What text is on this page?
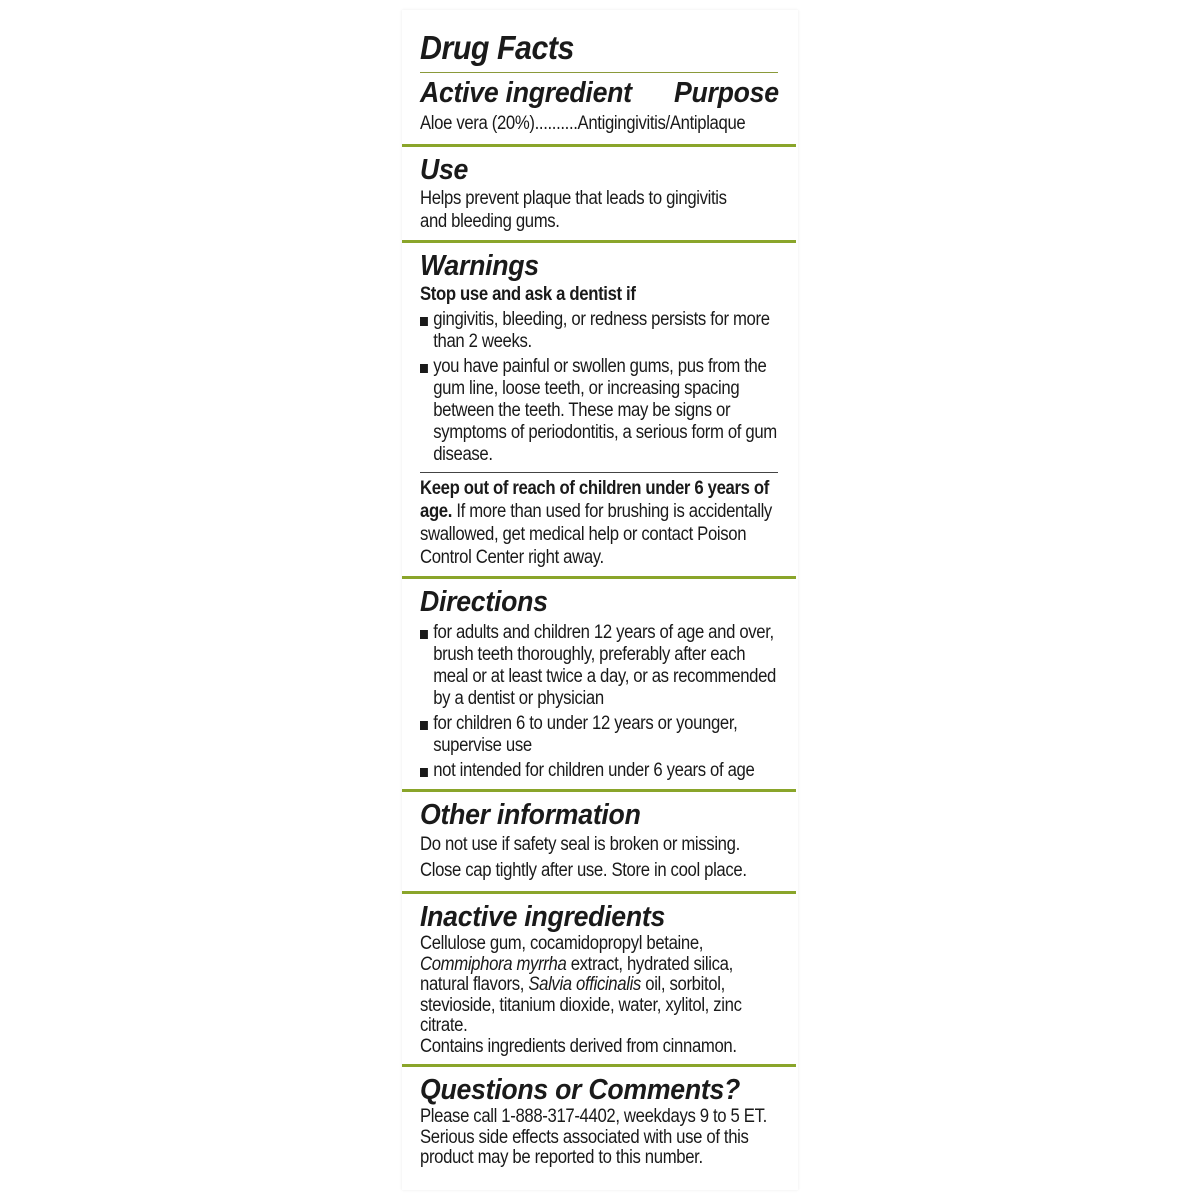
Drug Facts
Active ingredient Purpose
Aloe vera (20%) .......... Antigingivitis/Antiplaque
Use
Helps prevent plaque that leads to gingivitis and bleeding gums.
Warnings
Stop use and ask a dentist if
gingivitis, bleeding, or redness persists for more than 2 weeks.
you have painful or swollen gums, pus from the gum line, loose teeth, or increasing spacing between the teeth. These may be signs or symptoms of periodontitis, a serious form of gum disease.
Keep out of reach of children under 6 years of age. If more than used for brushing is accidentally swallowed, get medical help or contact Poison Control Center right away.
Directions
for adults and children 12 years of age and over, brush teeth thoroughly, preferably after each meal or at least twice a day, or as recommended by a dentist or physician
for children 6 to under 12 years or younger, supervise use
not intended for children under 6 years of age
Other information
Do not use if safety seal is broken or missing.
Close cap tightly after use. Store in cool place.
Inactive ingredients
Cellulose gum, cocamidopropyl betaine, Commiphora myrrha extract, hydrated silica, natural flavors, Salvia officinalis oil, sorbitol, stevioside, titanium dioxide, water, xylitol, zinc citrate.
Contains ingredients derived from cinnamon.
Questions or Comments?
Please call 1-888-317-4402, weekdays 9 to 5 ET. Serious side effects associated with use of this product may be reported to this number.
